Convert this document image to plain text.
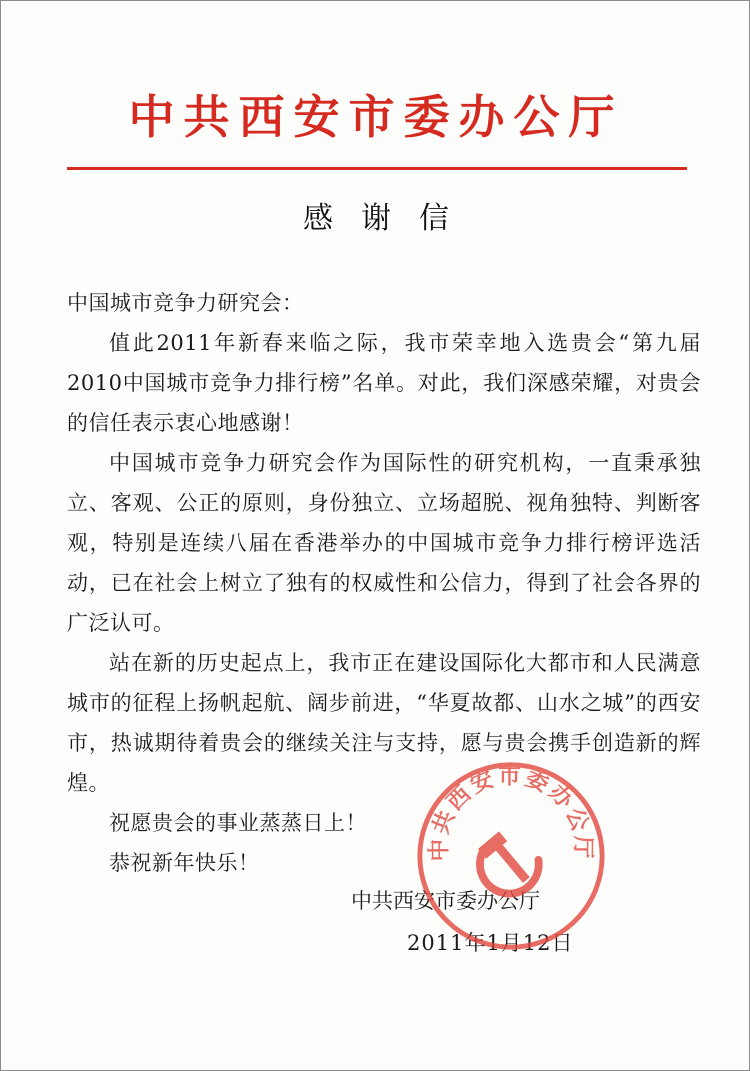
中共西安市委办公厅
感谢信

中国城市竞争力研究会：

值此2011年新春来临之际，我市荣幸地入选贵会“第九届2010中国城市竞争力排行榜”名单。对此，我们深感荣耀，对贵会的信任表示衷心地感谢！

中国城市竞争力研究会作为国际性的研究机构，一直秉承独立、客观、公正的原则，身份独立、立场超脱、视角独特、判断客观，特别是连续八届在香港举办的中国城市竞争力排行榜评选活动，已在社会上树立了独有的权威性和公信力，得到了社会各界的广泛认可。

站在新的历史起点上，我市正在建设国际化大都市和人民满意城市的征程上扬帆起航、阔步前进，“华夏故都、山水之城”的西安市，热诚期待着贵会的继续关注与支持，愿与贵会携手创造新的辉煌。

祝愿贵会的事业蒸蒸日上！

恭祝新年快乐！

中共西安市委办公厅
2011年1月12日
中共西安市委办公厅
